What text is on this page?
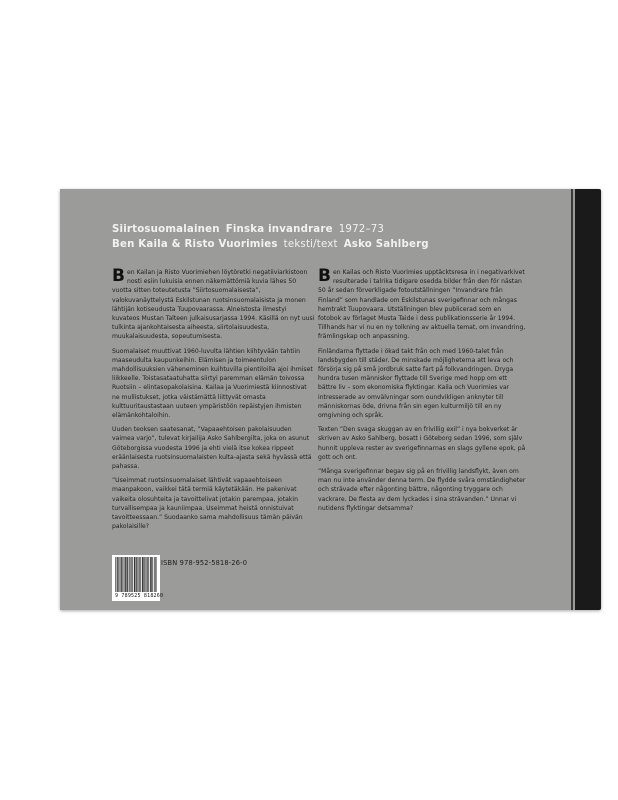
Siirtosuomalainen Finska invandrare 1972–73
Ben Kaila & Risto Vuorimies teksti/text Asko Sahlberg

Ben Kailan ja Risto Vuorimiehen löytöretki negatiiviarkistoon nosti esiin lukuisia ennen näkemättömiä kuvia lähes 50 vuotta sitten toteutetusta ”Siirtosuomalaisesta”, valokuvanäyttelystä Eskilstunan ruotsinsuomalaisista ja monen lähtijän kotiseudusta Tuupovaarassa. Alneistosta ilmestyi kuvateos Mustan Talteen julkaisusarjassa 1994. Käsillä on nyt uusi tulkinta ajankohtaisesta aiheesta, siirtolaisuudesta, muukalaisuudesta, sopeutumisesta.

Suomalaiset muuttivat 1960-luvulta lähtien kiihtyvään tahtiin maaseudulta kaupunkeihin. Elämisen ja toimeentulon mahdollisuuksien väheneminen kuihtuvilla pientiloilla ajoi ihmiset liikkeelle. Toistasataatuhatta siirtyi paremman elämän toivossa Ruotsiin – elintasopakolaisina. Kailaa ja Vuorimiestä kiinnostivat ne mullistukset, jotka väistämättä liittyvät omasta kulttuuritaustastaan uuteen ympäristöön repäistyjen ihmisten elämänkohtaloihin.

Uuden teoksen saatesanat, ”Vapaaehtoisen pakolaisuuden vaimea varjo”, tulevat kirjailija Asko Sahlbergilta, joka on asunut Göteborgissa vuodesta 1996 ja ehti vielä itse kokea rippeet eräänlaisesta ruotsinsuomalaisten kulta-ajasta sekä hyvässä että pahassa.

”Useimmat ruotsinsuomalaiset lähtivät vapaaehtoiseen maanpakoon, vaikkei tätä termiä käytetäkään. He pakenivat vaikeita olosuhteita ja tavoittelivat jotakin parempaa, jotakin turvallisempaa ja kauniimpaa. Useimmat heistä onnistuivat tavoitteessaan.” Suodaanko sama mahdollisuus tämän päivän pakolaisille?

Ben Kailas och Risto Vuorimies upptäcktsresa in i negativarkivet resulterade i talrika tidigare osedda bilder från den för nästan 50 år sedan förverkligade fotoutställningen ”Invandrare från Finland” som handlade om Eskilstunas sverigefinnar och mångas hemtrakt Tuupovaara. Utställningen blev publicerad som en fotobok av förlaget Musta Taide i dess publikationsserie år 1994. Tillhands har vi nu en ny tolkning av aktuella temat, om invandring, främlingskap och anpassning.

Finländarna flyttade i ökad takt från och med 1960-talet från landsbygden till städer. De minskade möjligheterna att leva och försörja sig på små jordbruk satte fart på folkvandringen. Dryga hundra tusen människor flyttade till Sverige med hopp om ett bättre liv – som ekonomiska flyktingar. Kaila och Vuorimies var intresserade av omvälvningar som oundvikligen anknyter till människornas öde, drivna från sin egen kulturmiljö till en ny omgivning och språk.

Texten ”Den svaga skuggan av en frivillig exil” i nya bokverket är skriven av Asko Sahlberg, bosatt i Göteborg sedan 1996, som själv hunnit uppleva rester av sverigefinnarnas en slags gyllene epok, på gott och ont.

”Många sverigefinnar begav sig på en frivillig landsflykt, även om man nu inte använder denna term. De flydde svåra omständigheter och strävade efter någonting bättre, någonting tryggare och vackrare. De flesta av dem lyckades i sina strävanden.” Unnar vi nutidens flyktingar detsamma?

9 789525 818260
ISBN 978-952-5818-26-0
